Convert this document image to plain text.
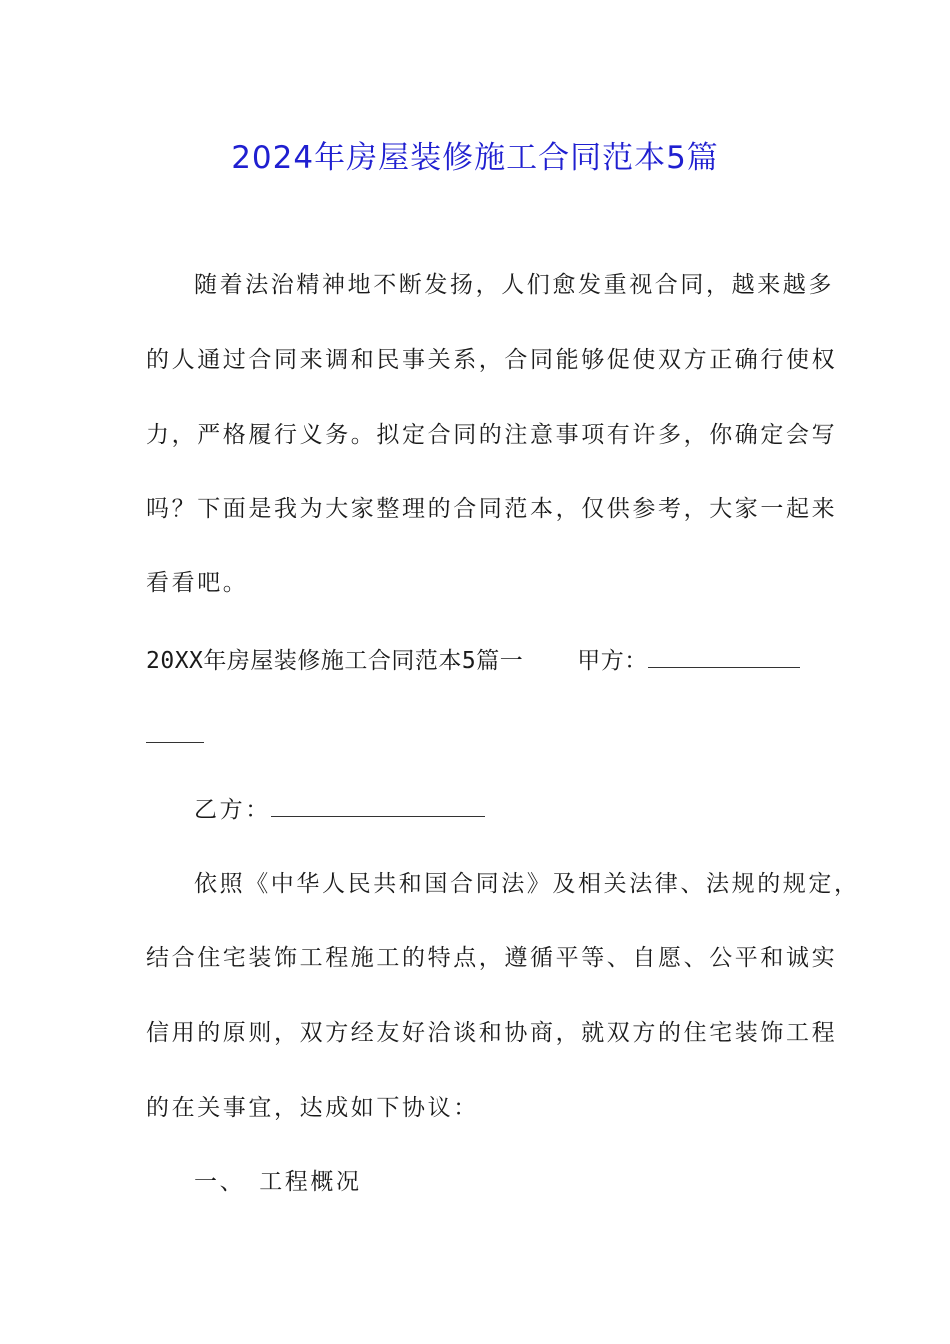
2024年房屋装修施工合同范本5篇
随着法治精神地不断发扬，人们愈发重视合同，越来越多
的人通过合同来调和民事关系，合同能够促使双方正确行使权
力，严格履行义务。拟定合同的注意事项有许多，你确定会写
吗？下面是我为大家整理的合同范本，仅供参考，大家一起来
看看吧。
20XX年房屋装修施工合同范本5篇一 甲方：
乙方：
依照《中华人民共和国合同法》及相关法律、法规的规定，
结合住宅装饰工程施工的特点，遵循平等、自愿、公平和诚实
信用的原则，双方经友好洽谈和协商，就双方的住宅装饰工程
的在关事宜，达成如下协议：
一、 工程概况
